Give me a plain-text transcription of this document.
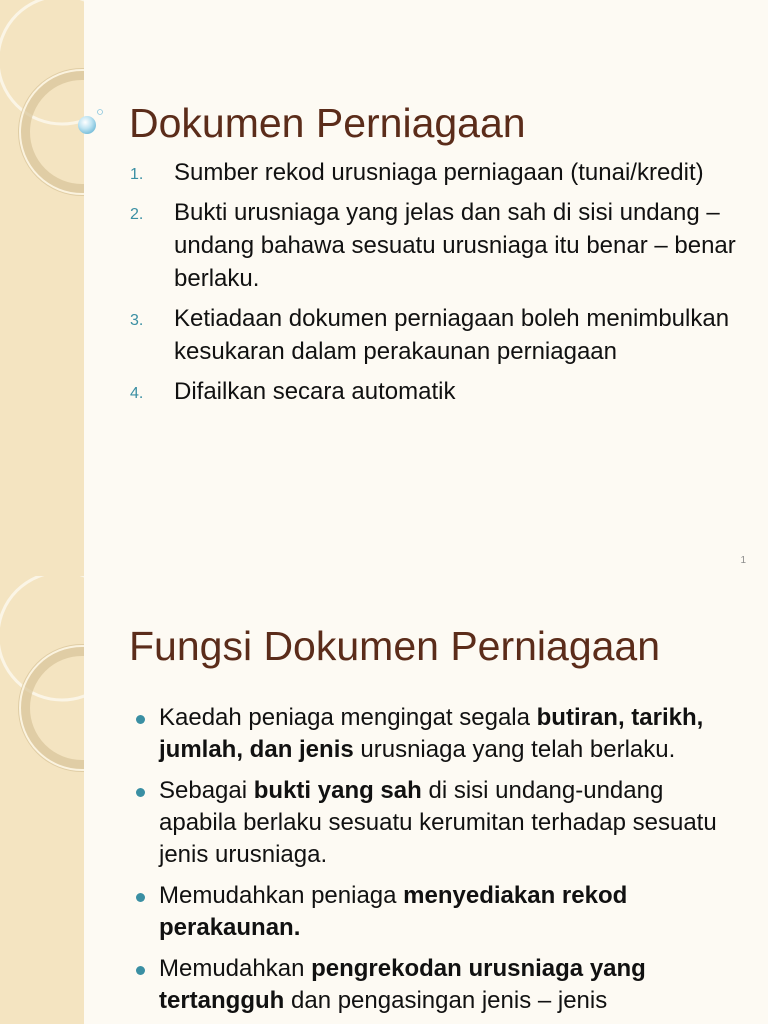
Dokumen Perniagaan
1. Sumber rekod urusniaga perniagaan (tunai/kredit)
2. Bukti urusniaga yang jelas dan sah di sisi undang – undang bahawa sesuatu urusniaga itu benar – benar berlaku.
3. Ketiadaan dokumen perniagaan boleh menimbulkan kesukaran dalam perakaunan perniagaan
4. Difailkan secara automatik
1
Fungsi Dokumen Perniagaan
Kaedah peniaga mengingat segala butiran, tarikh, jumlah, dan jenis urusniaga yang telah berlaku.
Sebagai bukti yang sah di sisi undang-undang apabila berlaku sesuatu kerumitan terhadap sesuatu jenis urusniaga.
Memudahkan peniaga menyediakan rekod perakaunan.
Memudahkan pengrekodan urusniaga yang tertangguh dan pengasingan jenis – jenis
